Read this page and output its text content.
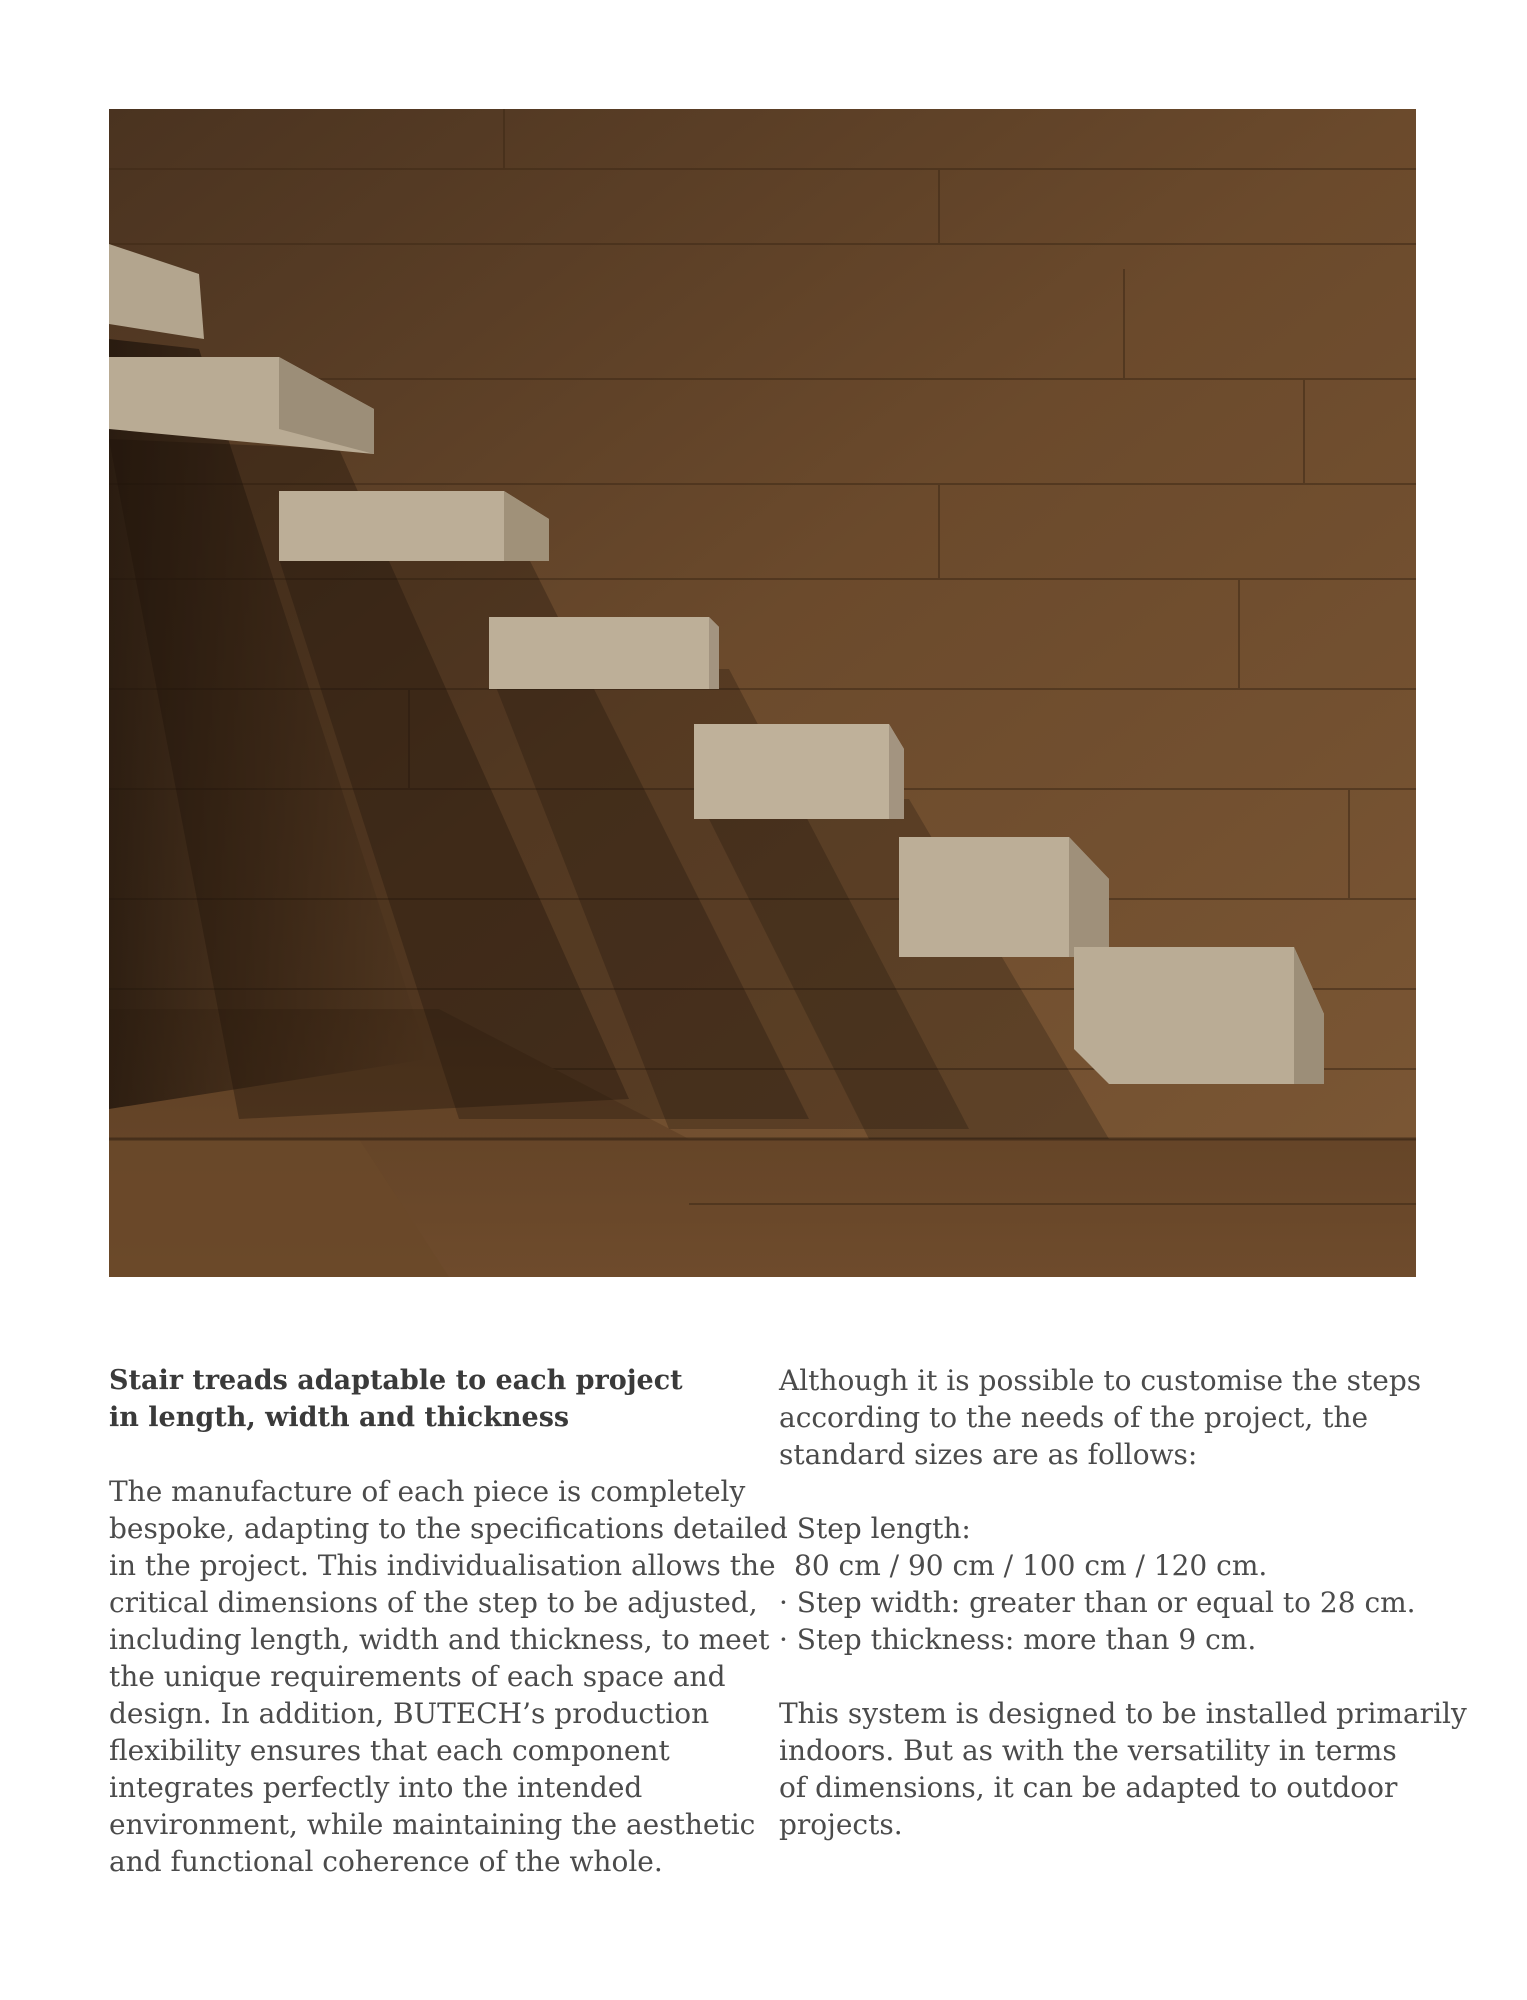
Stair treads adaptable to each project
in length, width and thickness
The manufacture of each piece is completely
bespoke, adapting to the specifications detailed
in the project. This individualisation allows the
critical dimensions of the step to be adjusted,
including length, width and thickness, to meet
the unique requirements of each space and
design. In addition, BUTECH’s production
flexibility ensures that each component
integrates perfectly into the intended
environment, while maintaining the aesthetic
and functional coherence of the whole.
Although it is possible to customise the steps
according to the needs of the project, the
standard sizes are as follows:
· Step length:
80 cm / 90 cm / 100 cm / 120 cm.
· Step width: greater than or equal to 28 cm.
· Step thickness: more than 9 cm.
This system is designed to be installed primarily
indoors. But as with the versatility in terms
of dimensions, it can be adapted to outdoor
projects.
